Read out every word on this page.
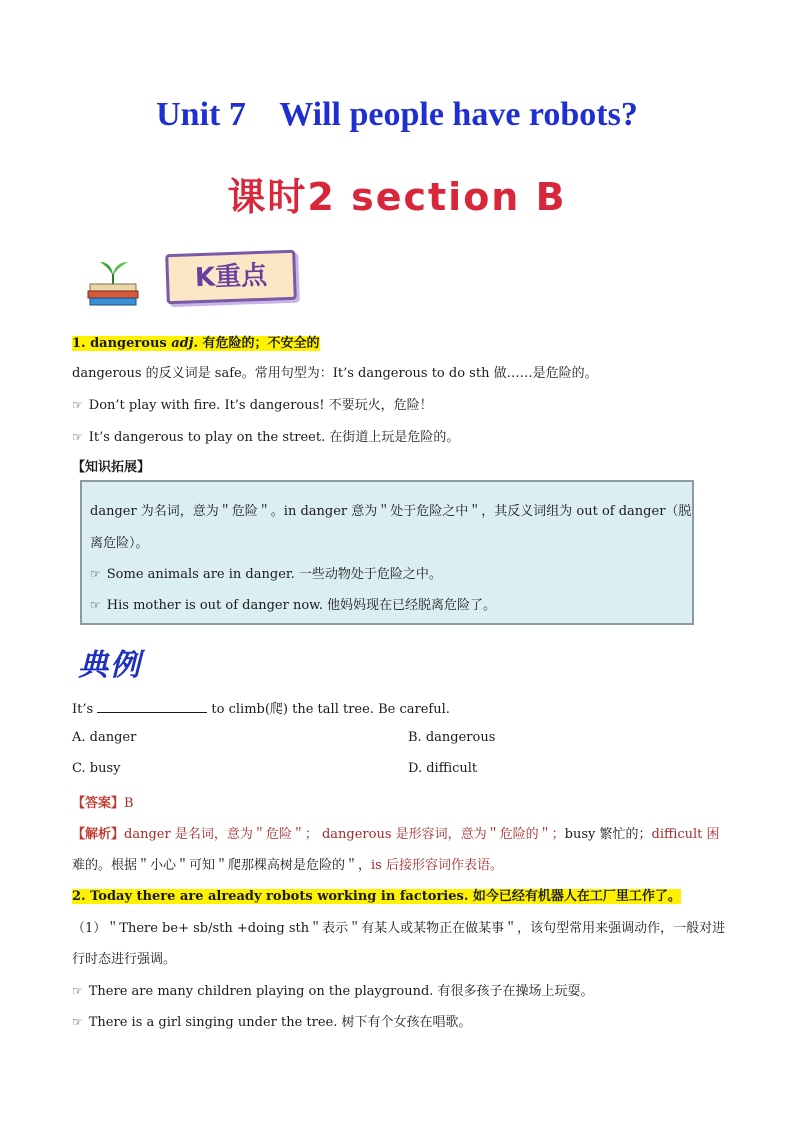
Unit 7    Will people have robots?
课时2 section B
K重点
1. dangerous adj. 有危险的；不安全的
dangerous 的反义词是 safe。常用句型为：It’s dangerous to do sth 做……是危险的。
☞ Don’t play with fire. It’s dangerous! 不要玩火，危险！
☞ It’s dangerous to play on the street. 在街道上玩是危险的。
【知识拓展】
danger 为名词，意为＂危险＂。in danger 意为＂处于危险之中＂，其反义词组为 out of danger（脱
离危险）。
☞ Some animals are in danger. 一些动物处于危险之中。
☞ His mother is out of danger now. 他妈妈现在已经脱离危险了。
典例
It’s	to climb(爬) the tall tree. Be careful.
A. danger	B. dangerous
C. busy	D. difficult
【答案】B
【解析】danger 是名词，意为＂危险＂； dangerous 是形容词，意为＂危险的＂；busy 繁忙的；difficult 困
难的。根据＂小心＂可知＂爬那棵高树是危险的＂，is 后接形容词作表语。
2. Today there are already robots working in factories. 如今已经有机器人在工厂里工作了。
（1）＂There be+ sb/sth +doing sth＂表示＂有某人或某物正在做某事＂，该句型常用来强调动作，一般对进
行时态进行强调。
☞ There are many children playing on the playground. 有很多孩子在操场上玩耍。
☞ There is a girl singing under the tree. 树下有个女孩在唱歌。
